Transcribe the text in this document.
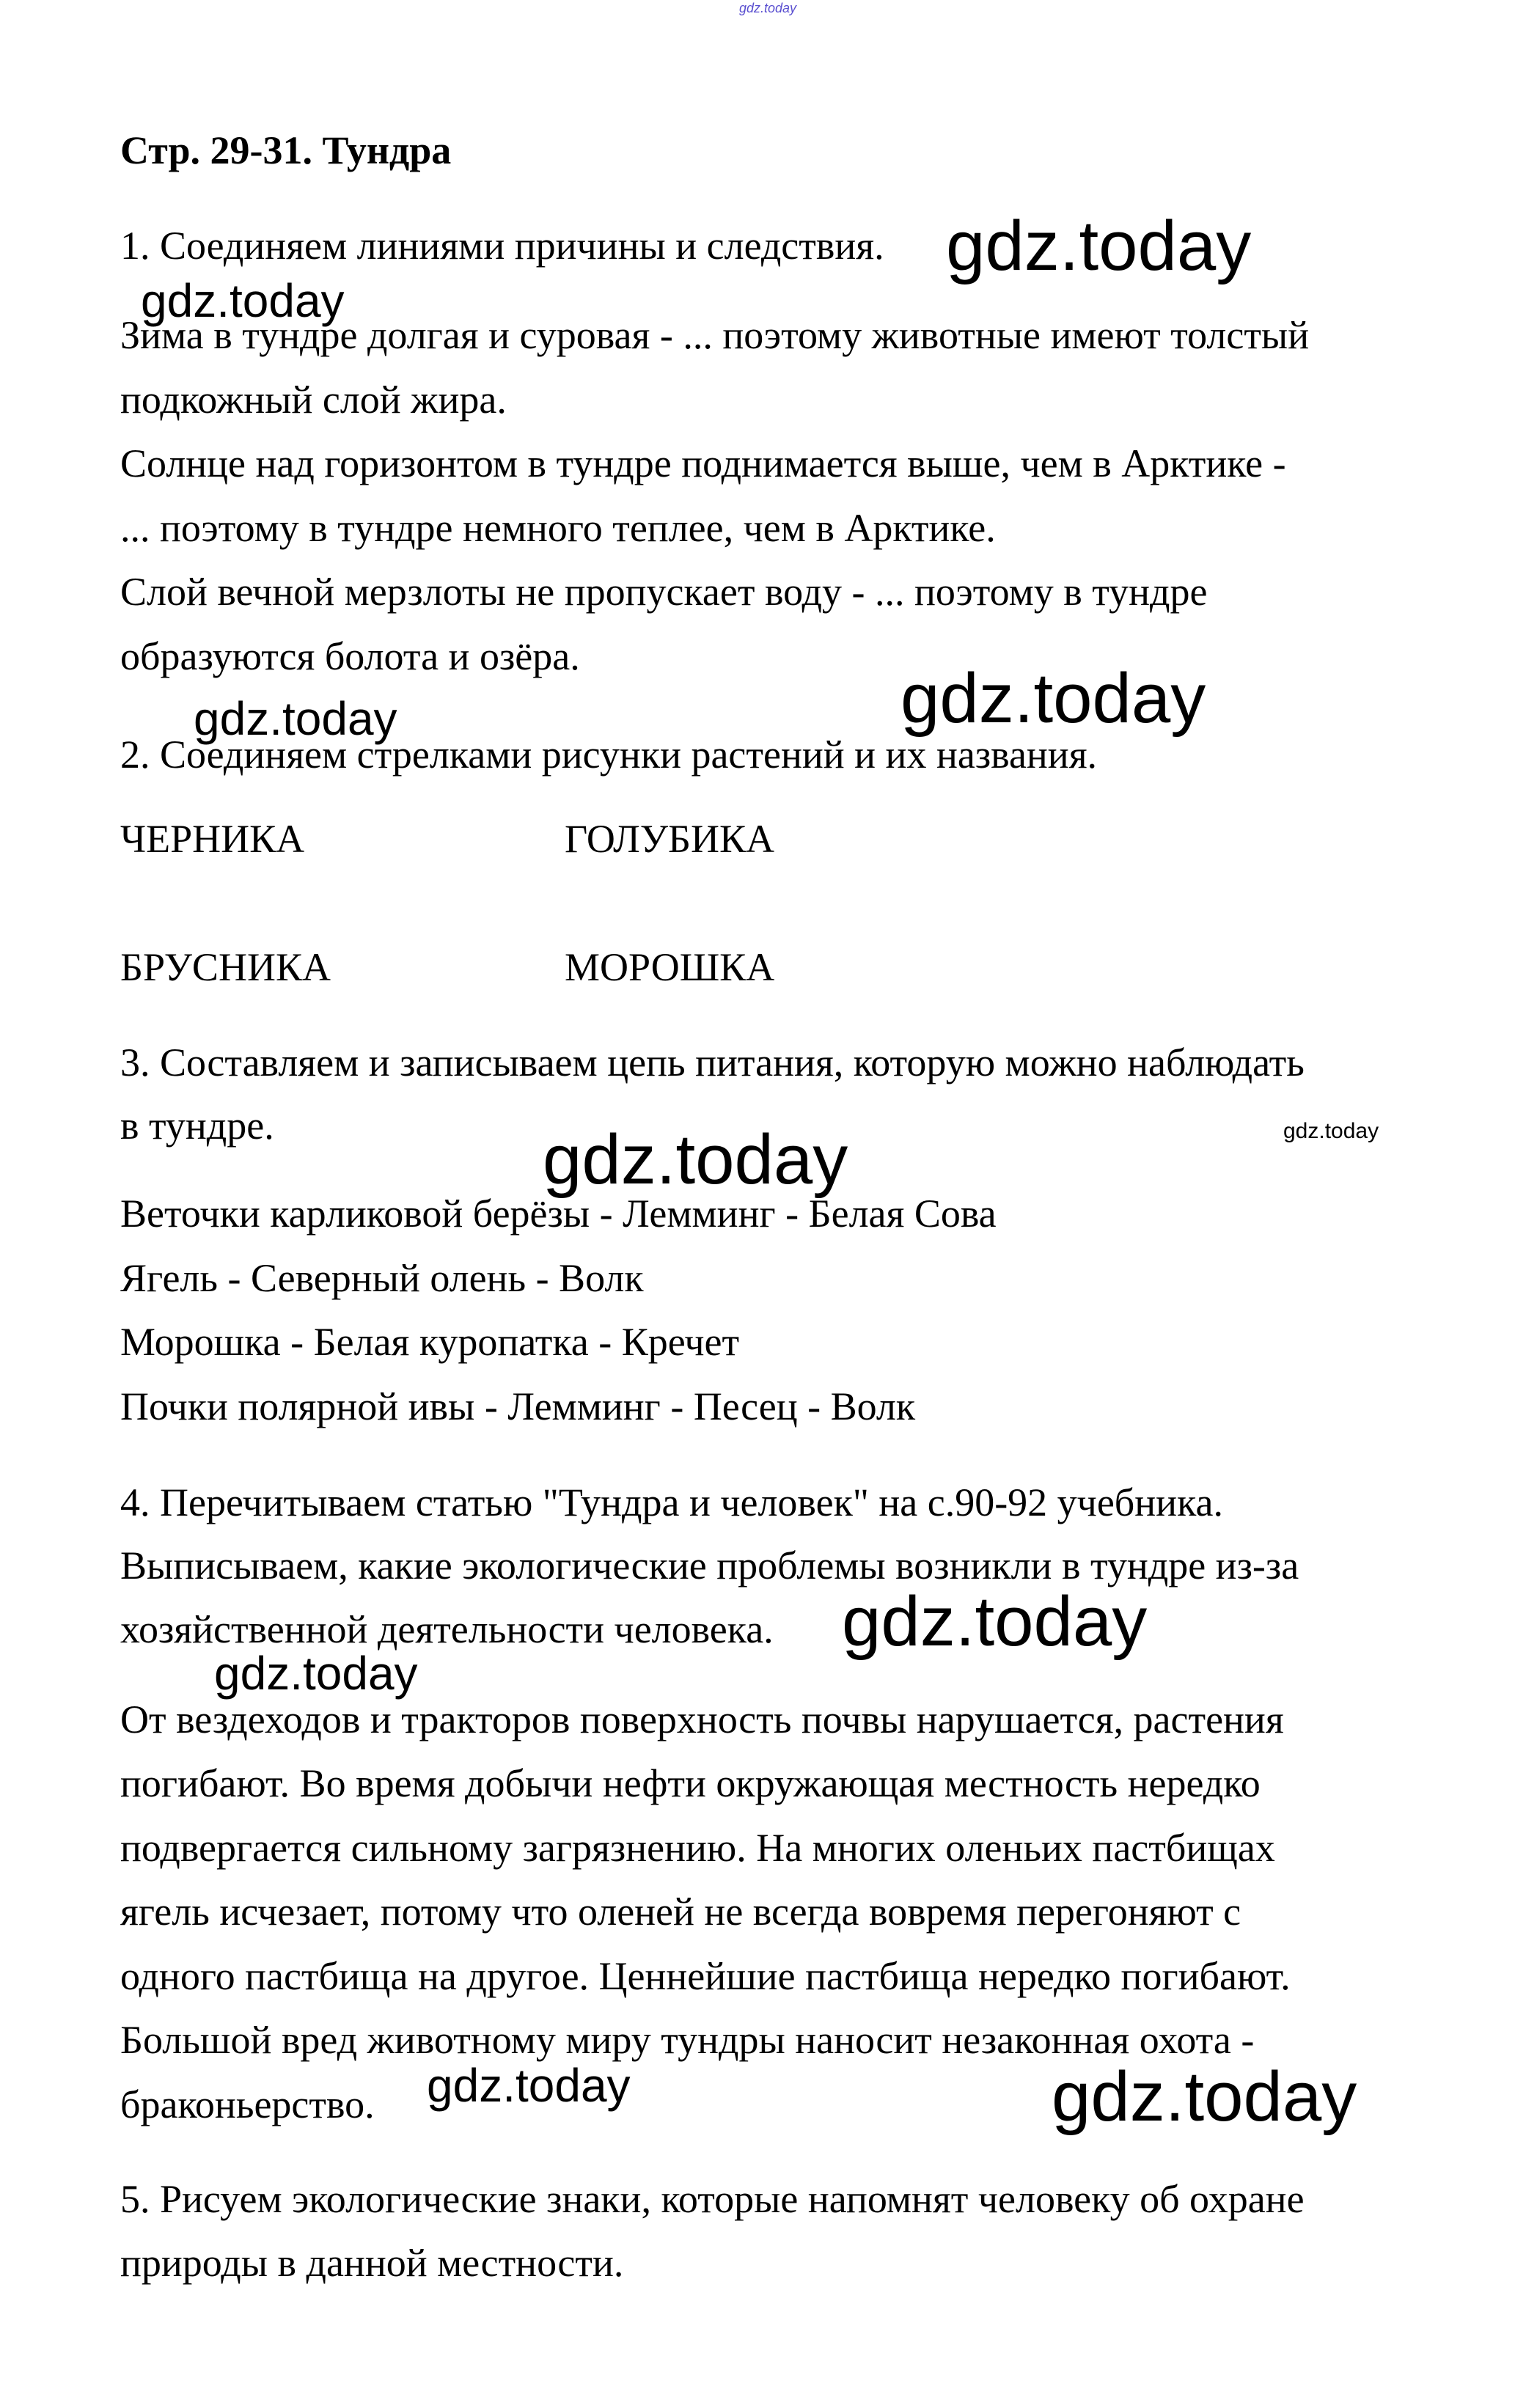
gdz.today
Стр. 29-31. Тундра
1. Соединяем линиями причины и следствия.
Зима в тундре долгая и суровая - ... поэтому животные имеют толстый
подкожный слой жира.
Солнце над горизонтом в тундре поднимается выше, чем в Арктике -
... поэтому в тундре немного теплее, чем в Арктике.
Слой вечной мерзлоты не пропускает воду - ... поэтому в тундре
образуются болота и озёра.
2. Соединяем стрелками рисунки растений и их названия.
ЧЕРНИКА	ГОЛУБИКА
БРУСНИКА	МОРОШКА
3. Составляем и записываем цепь питания, которую можно наблюдать
в тундре.
Веточки карликовой берёзы - Лемминг - Белая Сова
Ягель - Северный олень - Волк
Морошка - Белая куропатка - Кречет
Почки полярной ивы - Лемминг - Песец - Волк
4. Перечитываем статью "Тундра и человек" на с.90-92 учебника.
Выписываем, какие экологические проблемы возникли в тундре из-за
хозяйственной деятельности человека.
От вездеходов и тракторов поверхность почвы нарушается, растения
погибают. Во время добычи нефти окружающая местность нередко
подвергается сильному загрязнению. На многих оленьих пастбищах
ягель исчезает, потому что оленей не всегда вовремя перегоняют с
одного пастбища на другое. Ценнейшие пастбища нередко погибают.
Большой вред животному миру тундры наносит незаконная охота -
браконьерство.
5. Рисуем экологические знаки, которые напомнят человеку об охране
природы в данной местности.
gdz.today
gdz.today
gdz.today
gdz.today
gdz.today
gdz.today
gdz.today
gdz.today
gdz.today	gdz.today
